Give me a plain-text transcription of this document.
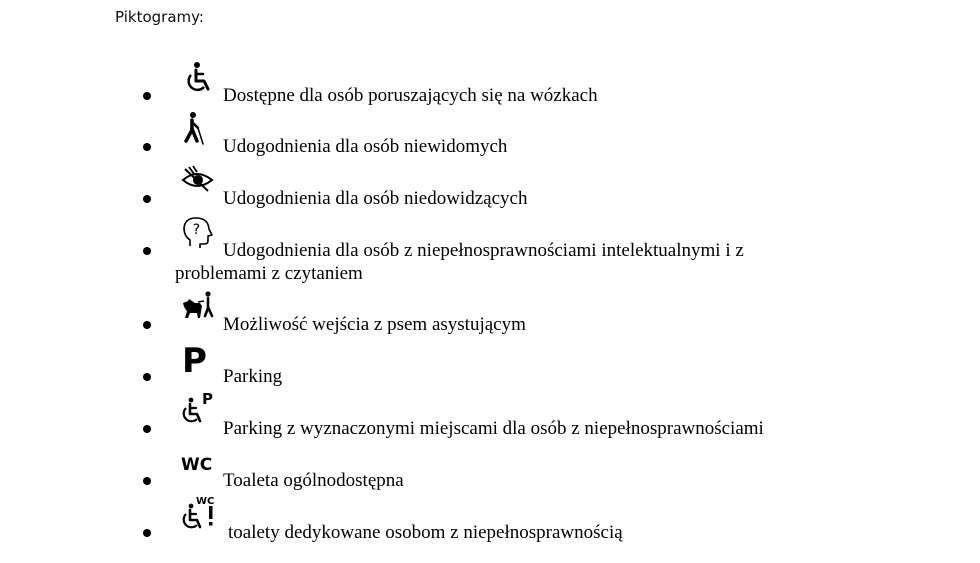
Piktogramy:
Dostępne dla osób poruszających się na wózkach
Udogodnienia dla osób niewidomych
Udogodnienia dla osób niedowidzących
?
Udogodnienia dla osób z niepełnosprawnościami intelektualnymi i z
problemami z czytaniem
Możliwość wejścia z psem asystującym
P Parking
P
Parking z wyznaczonymi miejscami dla osób z niepełnosprawnościami
WC
Toaleta ogólnodostępna
WC
toalety dedykowane osobom z niepełnosprawnością
